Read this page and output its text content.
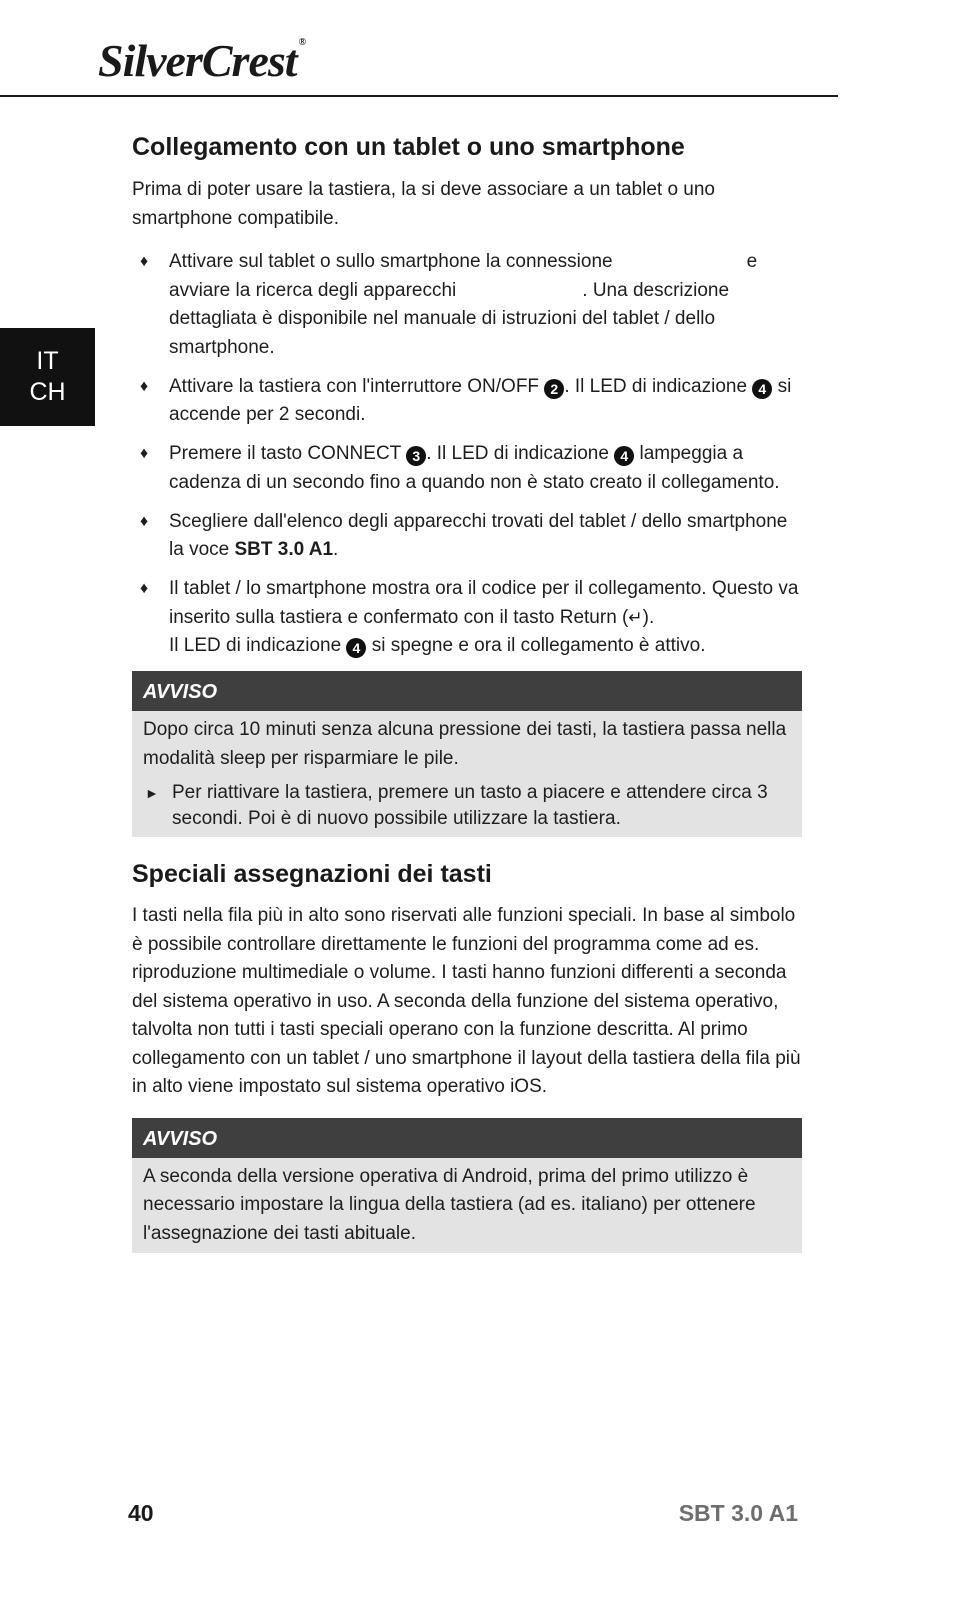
SilverCrest ®
IT
CH
Collegamento con un tablet o uno smartphone

Prima di poter usare la tastiera, la si deve associare a un tablet o uno smartphone compatibile.

♦ Attivare sul tablet o sullo smartphone la connessione	e avviare la ricerca degli apparecchi	. Una descrizione dettagliata è disponibile nel manuale di istruzioni del tablet / dello smartphone.
♦ Attivare la tastiera con l'interruttore ON/OFF 2 . Il LED di indicazione 4 si accende per 2 secondi.
♦ Premere il tasto CONNECT 3 . Il LED di indicazione 4 lampeggia a cadenza di un secondo fino a quando non è stato creato il collegamento.
♦ Scegliere dall'elenco degli apparecchi trovati del tablet / dello smartphone la voce SBT 3.0 A1.
♦ Il tablet / lo smartphone mostra ora il codice per il collegamento. Questo va inserito sulla tastiera e confermato con il tasto Return (↵).
Il LED di indicazione 4 si spegne e ora il collegamento è attivo.
AVVISO

Dopo circa 10 minuti senza alcuna pressione dei tasti, la tastiera passa nella modalità sleep per risparmiare le pile.

► Per riattivare la tastiera, premere un tasto a piacere e attendere circa 3 secondi. Poi è di nuovo possibile utilizzare la tastiera.
Speciali assegnazioni dei tasti

I tasti nella fila più in alto sono riservati alle funzioni speciali. In base al simbolo è possibile controllare direttamente le funzioni del programma come ad es. riproduzione multimediale o volume. I tasti hanno funzioni differenti a seconda del sistema operativo in uso. A seconda della funzione del sistema operativo, talvolta non tutti i tasti speciali operano con la funzione descritta. Al primo collegamento con un tablet / uno smartphone il layout della tastiera della fila più in alto viene impostato sul sistema operativo iOS.

AVVISO

A seconda della versione operativa di Android, prima del primo utilizzo è necessario impostare la lingua della tastiera (ad es. italiano) per ottenere l'assegnazione dei tasti abituale.

40	SBT 3.0 A1
